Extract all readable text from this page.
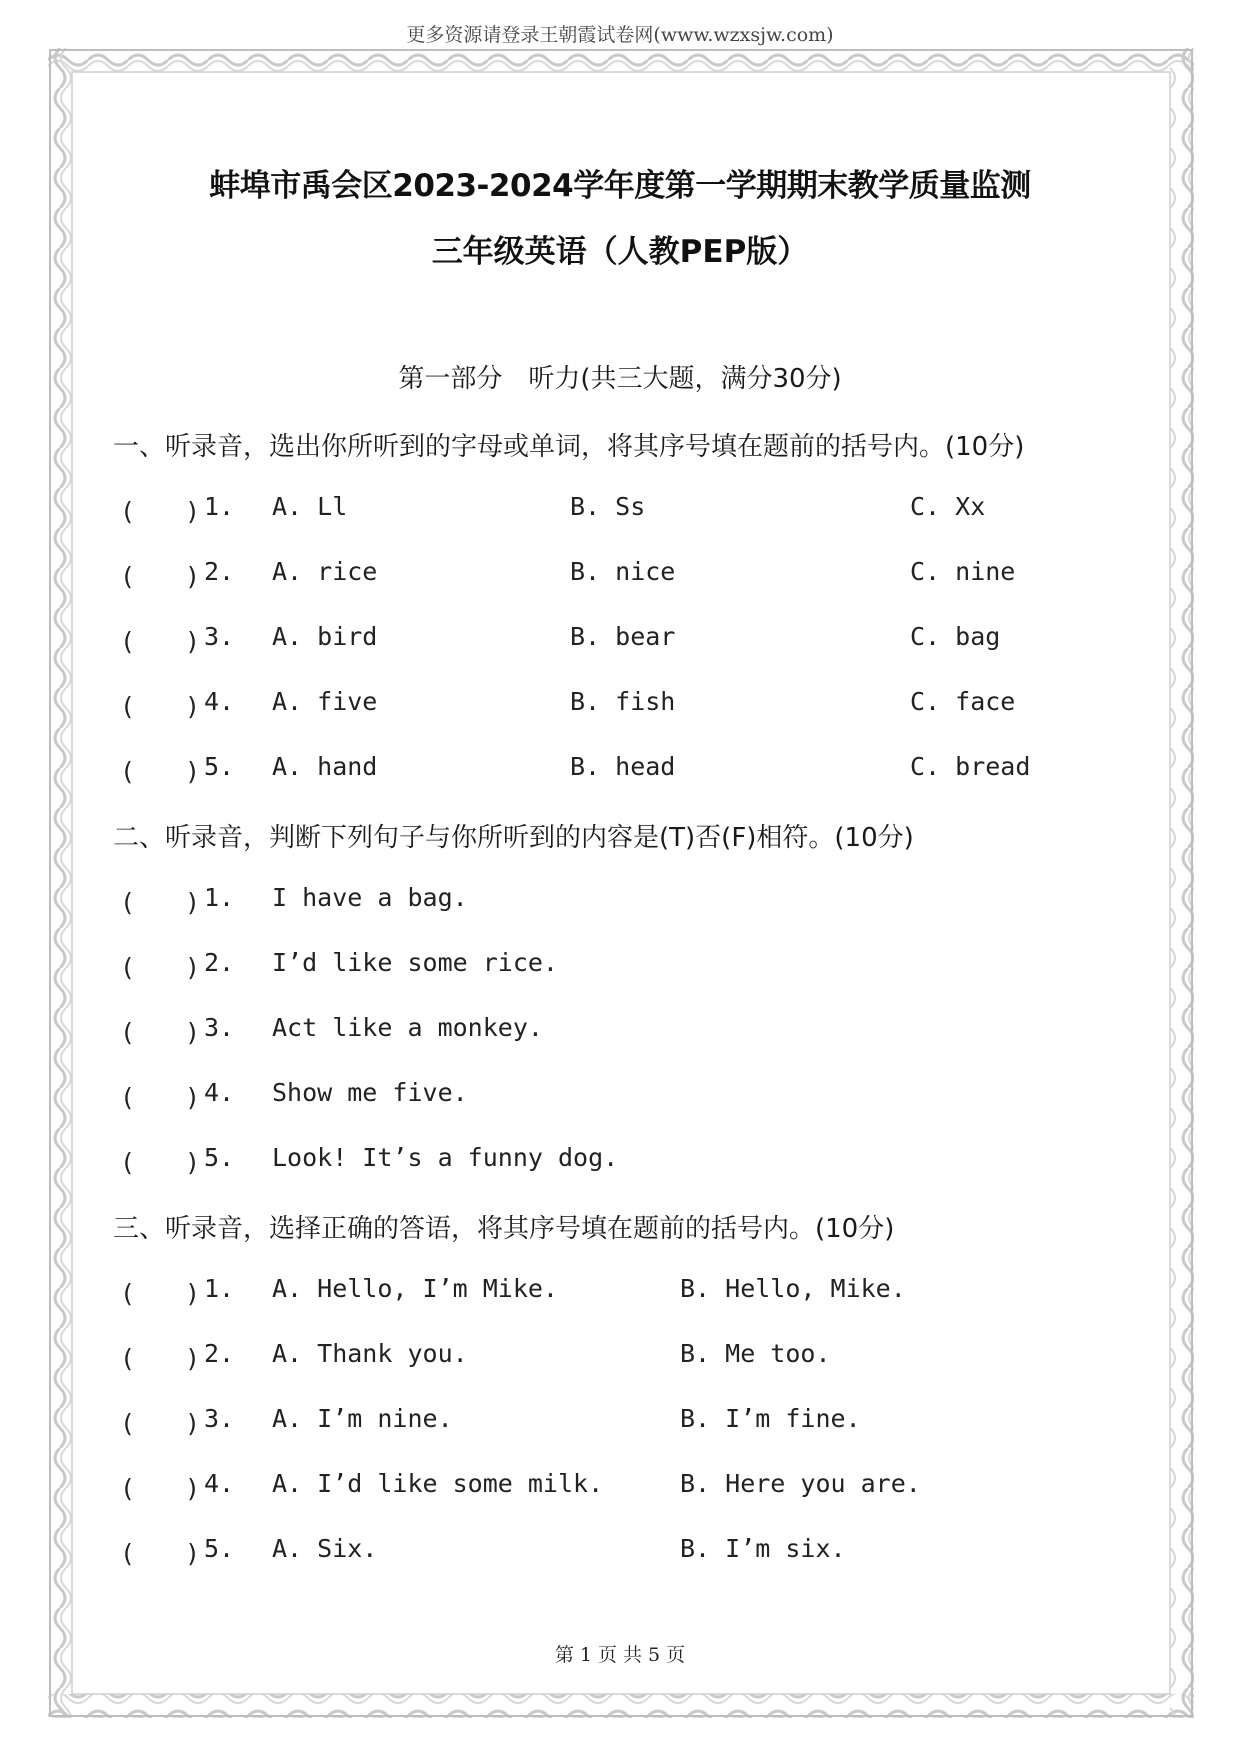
更多资源请登录王朝霞试卷网(www.wzxsjw.com)
蚌埠市禹会区2023-2024学年度第一学期期末教学质量监测
三年级英语（人教PEP版）
第一部分　听力(共三大题，满分30分)
一、听录音，选出你所听到的字母或单词，将其序号填在题前的括号内。(10分)
(　　) 1. A. Ll	B. Ss	C. Xx
(　　) 2. A. rice	B. nice	C. nine
(　　) 3. A. bird	B. bear	C. bag
(　　) 4. A. five	B. fish	C. face
(　　) 5. A. hand	B. head	C. bread
二、听录音，判断下列句子与你所听到的内容是(T)否(F)相符。(10分)
(　　) 1. I have a bag.
(　　) 2. I’d like some rice.
(　　) 3. Act like a monkey.
(　　) 4. Show me five.
(　　) 5. Look! It’s a funny dog.
三、听录音，选择正确的答语，将其序号填在题前的括号内。(10分)
(　　) 1. A. Hello, I’m Mike.	B. Hello, Mike.
(　　) 2. A. Thank you.	B. Me too.
(　　) 3. A. I’m nine.	B. I’m fine.
(　　) 4. A. I’d like some milk.	B. Here you are.
(　　) 5. A. Six.	B. I’m six.
第 1 页 共 5 页
